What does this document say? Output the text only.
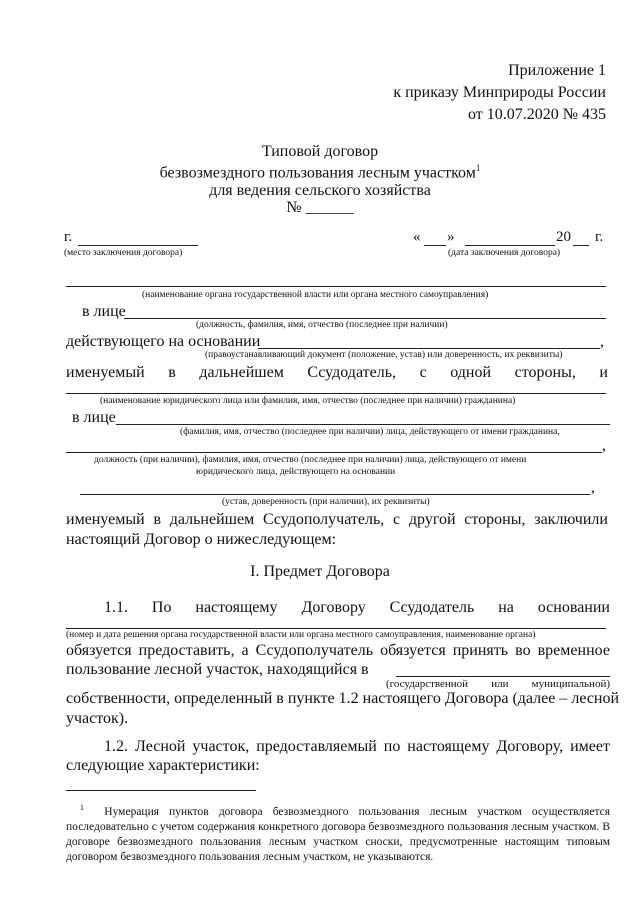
Приложение 1
к приказу Минприроды России
от 10.07.2020 № 435
Типовой договор
безвозмездного пользования лесным участком$^1$
для ведения сельского хозяйства
№ ______
г.
(место заключения договора)
« »	20 г.
(дата заключения договора)
(наименование органа государственной власти или органа местного самоуправления)
в лице
(должность, фамилия, имя, отчество (последнее при наличии)
действующего на основании	,
(правоустанавливающий документ (положение, устав) или доверенность, их реквизиты)
именуемый в дальнейшем Ссудодатель, с одной стороны, и
(наименование юридического лица или фамилия, имя, отчество (последнее при наличии) гражданина)
в лице
(фамилия, имя, отчество (последнее при наличии) лица, действующего от имени гражданина,
,
должность (при наличии), фамилия, имя, отчество (последнее при наличии) лица, действующего от имени
юридического лица, действующего на основании
,
(устав, доверенность (при наличии), их реквизиты)
именуемый в дальнейшем Ссудополучатель, с другой стороны, заключили
настоящий Договор о нижеследующем:
I. Предмет Договора
1.1. По настоящему Договору Ссудодатель на основании
(номер и дата решения органа государственной власти или органа местного самоуправления, наименование органа)
обязуется предоставить, а Ссудополучатель обязуется принять во временное
пользование лесной участок, находящийся в
(государственной или муниципальной)
собственности, определенный в пункте 1.2 настоящего Договора (далее – лесной
участок).
1.2. Лесной участок, предоставляемый по настоящему Договору, имеет
следующие характеристики:
$^1$ Нумерация пунктов договора безвозмездного пользования лесным участком осуществляется последовательно с учетом содержания конкретного договора безвозмездного пользования лесным участком. В договоре безвозмездного пользования лесным участком сноски, предусмотренные настоящим типовым договором безвозмездного пользования лесным участком, не указываются.
